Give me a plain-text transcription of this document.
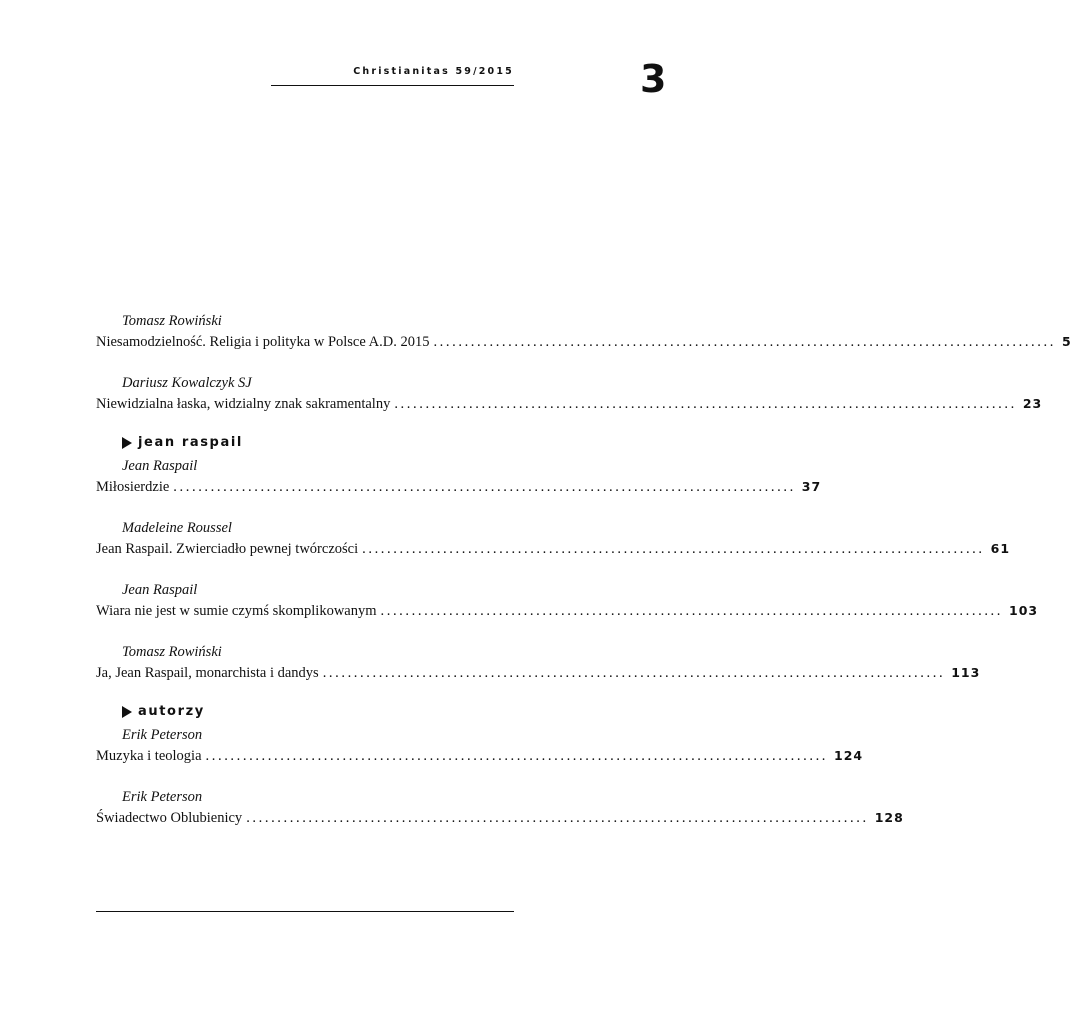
Christianitas 59/2015	3
Tomasz Rowiński
Niesamodzielność. Religia i polityka w Polsce A.D. 2015 .................................................................................................... 5
Dariusz Kowalczyk SJ
Niewidzialna łaska, widzialny znak sakramentalny .................................................................................................... 23
jean raspail
Jean Raspail
Miłosierdzie .................................................................................................... 37
Madeleine Roussel
Jean Raspail. Zwierciadło pewnej twórczości .................................................................................................... 61
Jean Raspail
Wiara nie jest w sumie czymś skomplikowanym .................................................................................................... 103
Tomasz Rowiński
Ja, Jean Raspail, monarchista i dandys .................................................................................................... 113
autorzy
Erik Peterson
Muzyka i teologia .................................................................................................... 124
Erik Peterson
Świadectwo Oblubienicy .................................................................................................... 128
